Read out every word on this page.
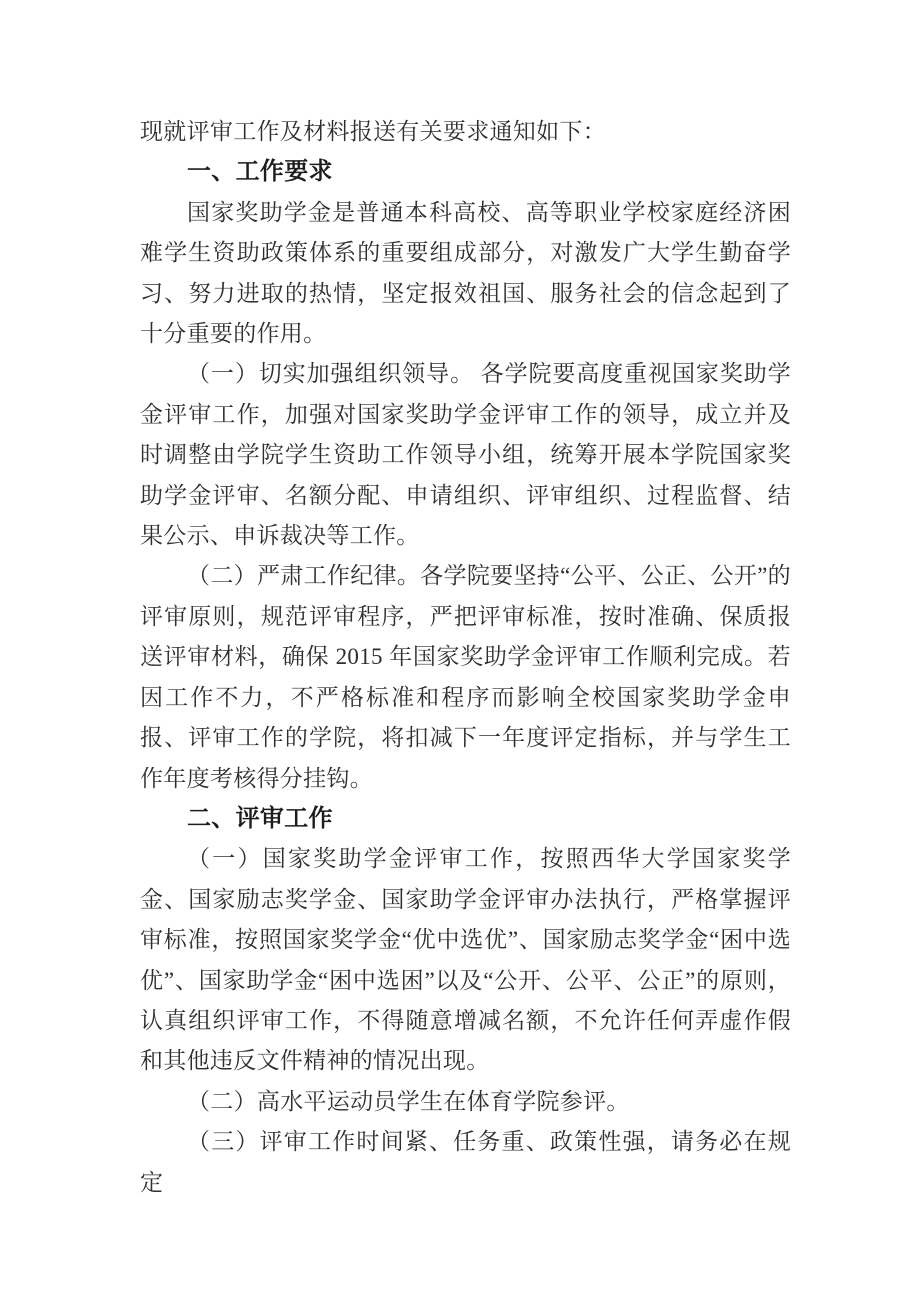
现就评审工作及材料报送有关要求通知如下：

一、工作要求

国家奖助学金是普通本科高校、高等职业学校家庭经济困难学生资助政策体系的重要组成部分，对激发广大学生勤奋学习、努力进取的热情，坚定报效祖国、服务社会的信念起到了十分重要的作用。

（一）切实加强组织领导。 各学院要高度重视国家奖助学金评审工作，加强对国家奖助学金评审工作的领导，成立并及时调整由学院学生资助工作领导小组，统筹开展本学院国家奖助学金评审、名额分配、申请组织、评审组织、过程监督、结果公示、申诉裁决等工作。

（二）严肃工作纪律。各学院要坚持“公平、公正、公开”的评审原则，规范评审程序，严把评审标准，按时准确、保质报送评审材料，确保 2015 年国家奖助学金评审工作顺利完成。若因工作不力，不严格标准和程序而影响全校国家奖助学金申报、评审工作的学院，将扣减下一年度评定指标，并与学生工作年度考核得分挂钩。

二、评审工作

（一）国家奖助学金评审工作，按照西华大学国家奖学金、国家励志奖学金、国家助学金评审办法执行，严格掌握评审标准，按照国家奖学金“优中选优”、国家励志奖学金“困中选优”、国家助学金“困中选困”以及“公开、公平、公正”的原则，认真组织评审工作，不得随意增减名额，不允许任何弄虚作假和其他违反文件精神的情况出现。

（二）高水平运动员学生在体育学院参评。

（三）评审工作时间紧、任务重、政策性强，请务必在规定
